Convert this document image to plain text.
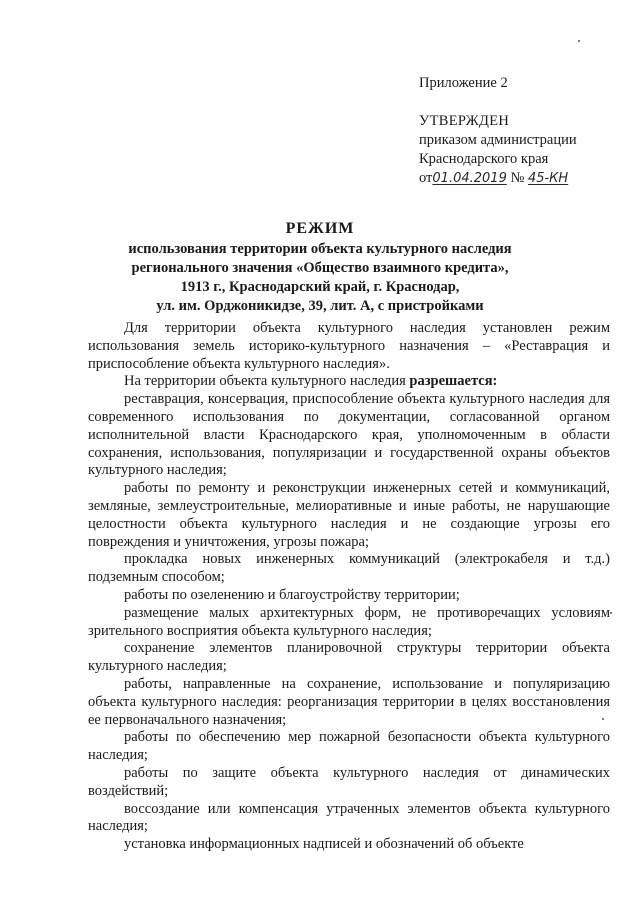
Приложение 2
УТВЕРЖДЕН
приказом администрации
Краснодарского края
от01.04.2019 № 45-КН
РЕЖИМ
использования территории объекта культурного наследия
регионального значения «Общество взаимного кредита»,
1913 г., Краснодарский край, г. Краснодар,
ул. им. Орджоникидзе, 39, лит. А, с пристройками

Для территории объекта культурного наследия установлен режим использования земель историко-культурного назначения – «Реставрация и приспособление объекта культурного наследия».

На территории объекта культурного наследия разрешается:

реставрация, консервация, приспособление объекта культурного наследия для современного использования по документации, согласованной органом исполнительной власти Краснодарского края, уполномоченным в области сохранения, использования, популяризации и государственной охраны объектов культурного наследия;

работы по ремонту и реконструкции инженерных сетей и коммуникаций, земляные, землеустроительные, мелиоративные и иные работы, не нарушающие целостности объекта культурного наследия и не создающие угрозы его повреждения и уничтожения, угрозы пожара;

прокладка новых инженерных коммуникаций (электрокабеля и т.д.) подземным способом;

работы по озеленению и благоустройству территории;

размещение малых архитектурных форм, не противоречащих условиям зрительного восприятия объекта культурного наследия;

сохранение элементов планировочной структуры территории объекта культурного наследия;

работы, направленные на сохранение, использование и популяризацию объекта культурного наследия: реорганизация территории в целях восстановления ее первоначального назначения;

работы по обеспечению мер пожарной безопасности объекта культурного наследия;

работы по защите объекта культурного наследия от динамических воздействий;

воссоздание или компенсация утраченных элементов объекта культурного наследия;

установка информационных надписей и обозначений об объекте
